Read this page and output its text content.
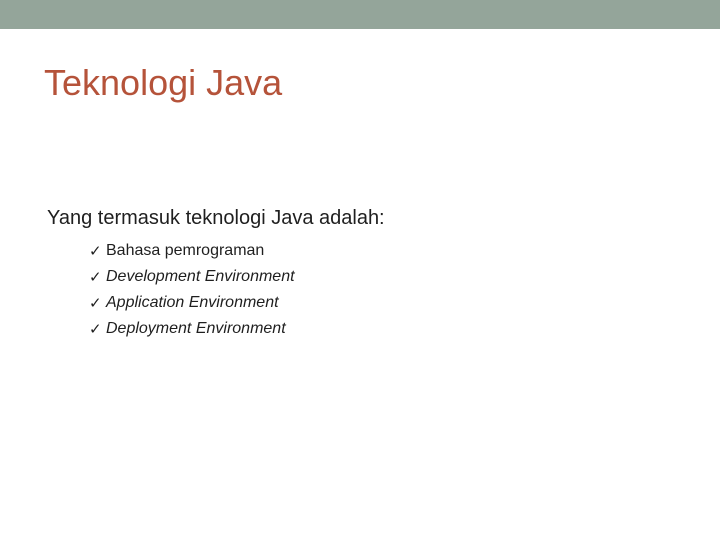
Teknologi Java

Yang termasuk teknologi Java adalah:

✓ Bahasa pemrograman
✓ Development Environment
✓ Application Environment
✓ Deployment Environment
